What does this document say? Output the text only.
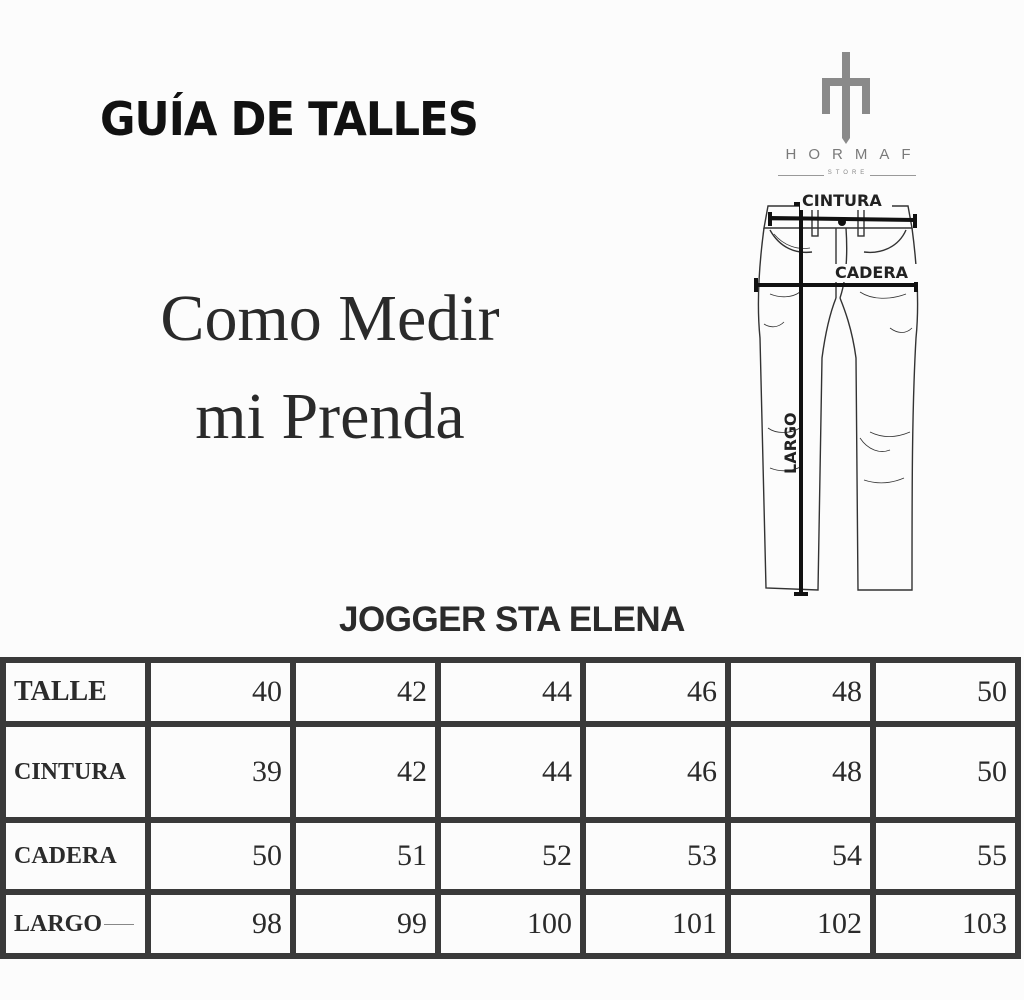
GUÍA DE TALLES
Como Medir
mi Prenda
HORMAF
STORE
CINTURA
CADERA
LARGO
JOGGER STA ELENA
TALLE	40	42	44	46	48	50
CINTURA	39	42	44	46	48	50
CADERA	50	51	52	53	54	55
LARGO	98	99	100	101	102	103
